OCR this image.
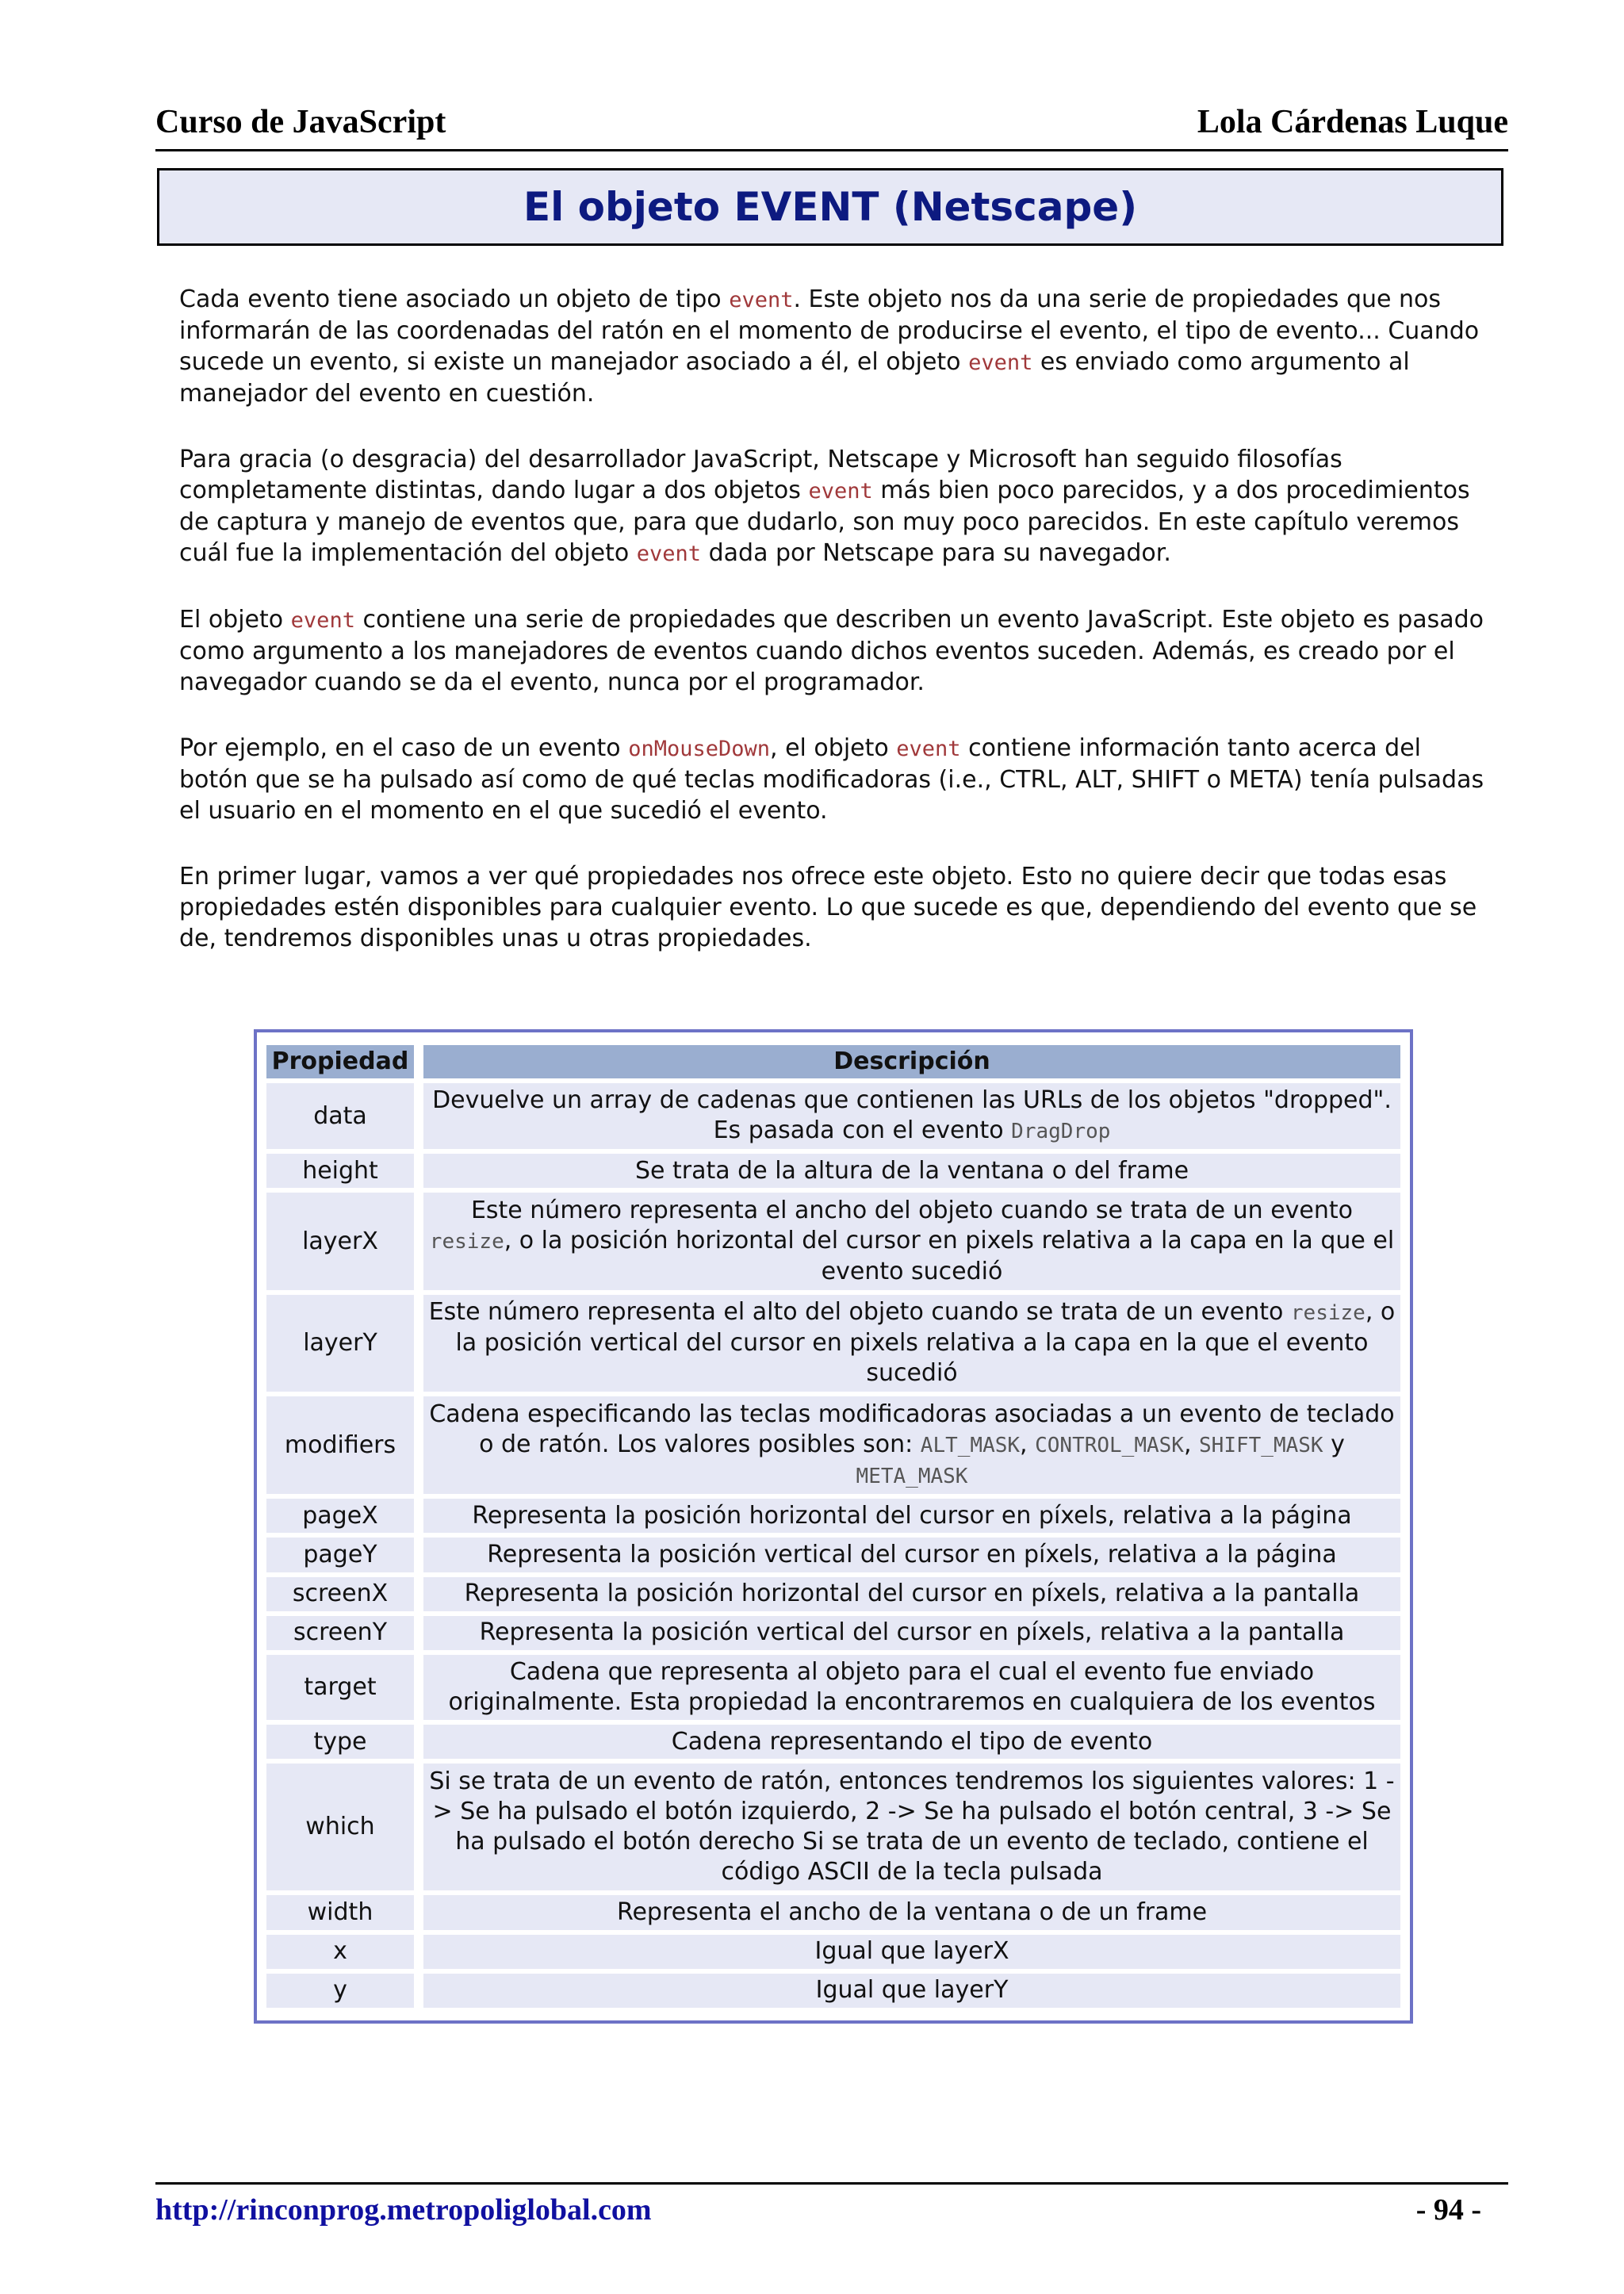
Curso de JavaScript	Lola Cárdenas Luque
El objeto EVENT (Netscape)

Cada evento tiene asociado un objeto de tipo event. Este objeto nos da una serie de propiedades que nos informarán de las coordenadas del ratón en el momento de producirse el evento, el tipo de evento... Cuando sucede un evento, si existe un manejador asociado a él, el objeto event es enviado como argumento al manejador del evento en cuestión.

Para gracia (o desgracia) del desarrollador JavaScript, Netscape y Microsoft han seguido filosofías completamente distintas, dando lugar a dos objetos event más bien poco parecidos, y a dos procedimientos de captura y manejo de eventos que, para que dudarlo, son muy poco parecidos. En este capítulo veremos cuál fue la implementación del objeto event dada por Netscape para su navegador.

El objeto event contiene una serie de propiedades que describen un evento JavaScript. Este objeto es pasado como argumento a los manejadores de eventos cuando dichos eventos suceden. Además, es creado por el navegador cuando se da el evento, nunca por el programador.

Por ejemplo, en el caso de un evento onMouseDown, el objeto event contiene información tanto acerca del botón que se ha pulsado así como de qué teclas modificadoras (i.e., CTRL, ALT, SHIFT o META) tenía pulsadas el usuario en el momento en el que sucedió el evento.

En primer lugar, vamos a ver qué propiedades nos ofrece este objeto. Esto no quiere decir que todas esas propiedades estén disponibles para cualquier evento. Lo que sucede es que, dependiendo del evento que se de, tendremos disponibles unas u otras propiedades.

Propiedad	Descripción
data	Devuelve un array de cadenas que contienen las URLs de los objetos "dropped". Es pasada con el evento DragDrop
height	Se trata de la altura de la ventana o del frame
layerX	Este número representa el ancho del objeto cuando se trata de un evento resize, o la posición horizontal del cursor en pixels relativa a la capa en la que el evento sucedió
layerY	Este número representa el alto del objeto cuando se trata de un evento resize, o la posición vertical del cursor en pixels relativa a la capa en la que el evento sucedió
modifiers	Cadena especificando las teclas modificadoras asociadas a un evento de teclado o de ratón. Los valores posibles son: ALT_MASK, CONTROL_MASK, SHIFT_MASK y META_MASK
pageX	Representa la posición horizontal del cursor en píxels, relativa a la página
pageY	Representa la posición vertical del cursor en píxels, relativa a la página
screenX	Representa la posición horizontal del cursor en píxels, relativa a la pantalla
screenY	Representa la posición vertical del cursor en píxels, relativa a la pantalla
target	Cadena que representa al objeto para el cual el evento fue enviado originalmente. Esta propiedad la encontraremos en cualquiera de los eventos
type	Cadena representando el tipo de evento
which	Si se trata de un evento de ratón, entonces tendremos los siguientes valores: 1 -> Se ha pulsado el botón izquierdo, 2 -> Se ha pulsado el botón central, 3 -> Se ha pulsado el botón derecho Si se trata de un evento de teclado, contiene el código ASCII de la tecla pulsada
width	Representa el ancho de la ventana o de un frame
x	Igual que layerX
y	Igual que layerY
http://rinconprog.metropoliglobal.com	- 94 -
